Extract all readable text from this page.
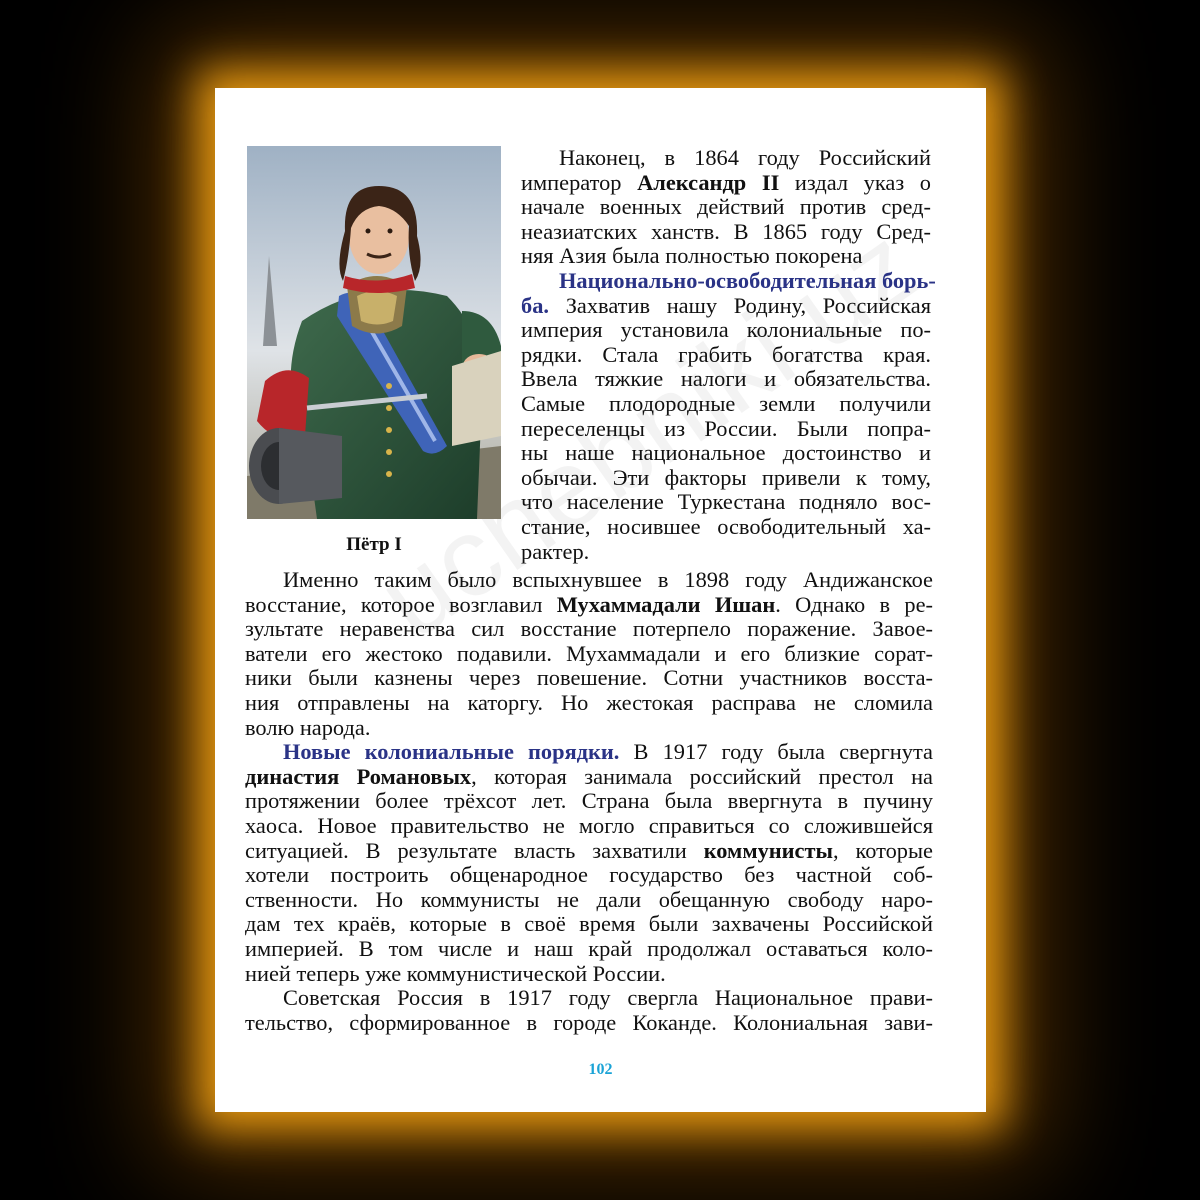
Пётр I
Наконец, в 1864 году Российский
император Александр II издал указ о
начале военных действий против сред-
неазиатских ханств. В 1865 году Сред-
няя Азия была полностью покорена
Национально-освободительная борь-
ба. Захватив нашу Родину, Российская
империя установила колониальные по-
рядки. Стала грабить богатства края.
Ввела тяжкие налоги и обязательства.
Самые плодородные земли получили
переселенцы из России. Были попра-
ны наше национальное достоинство и
обычаи. Эти факторы привели к тому,
что население Туркестана подняло вос-
стание, носившее освободительный ха-
рактер.
Именно таким было вспыхнувшее в 1898 году Андижанское
восстание, которое возглавил Мухаммадали Ишан. Однако в ре-
зультате неравенства сил восстание потерпело поражение. Завое-
ватели его жестоко подавили. Мухаммадали и его близкие сорат-
ники были казнены через повешение. Сотни участников восста-
ния отправлены на каторгу. Но жестокая расправа не сломила
волю народа.
Новые колониальные порядки. В 1917 году была свергнута
династия Романовых, которая занимала российский престол на
протяжении более трёхсот лет. Страна была ввергнута в пучину
хаоса. Новое правительство не могло справиться со сложившейся
ситуацией. В результате власть захватили коммунисты, которые
хотели построить общенародное государство без частной соб-
ственности. Но коммунисты не дали обещанную свободу наро-
дам тех краёв, которые в своё время были захвачены Российской
империей. В том числе и наш край продолжал оставаться коло-
нией теперь уже коммунистической России.
Советская Россия в 1917 году свергла Национальное прави-
тельство, сформированное в городе Коканде. Колониальная зави-
102
